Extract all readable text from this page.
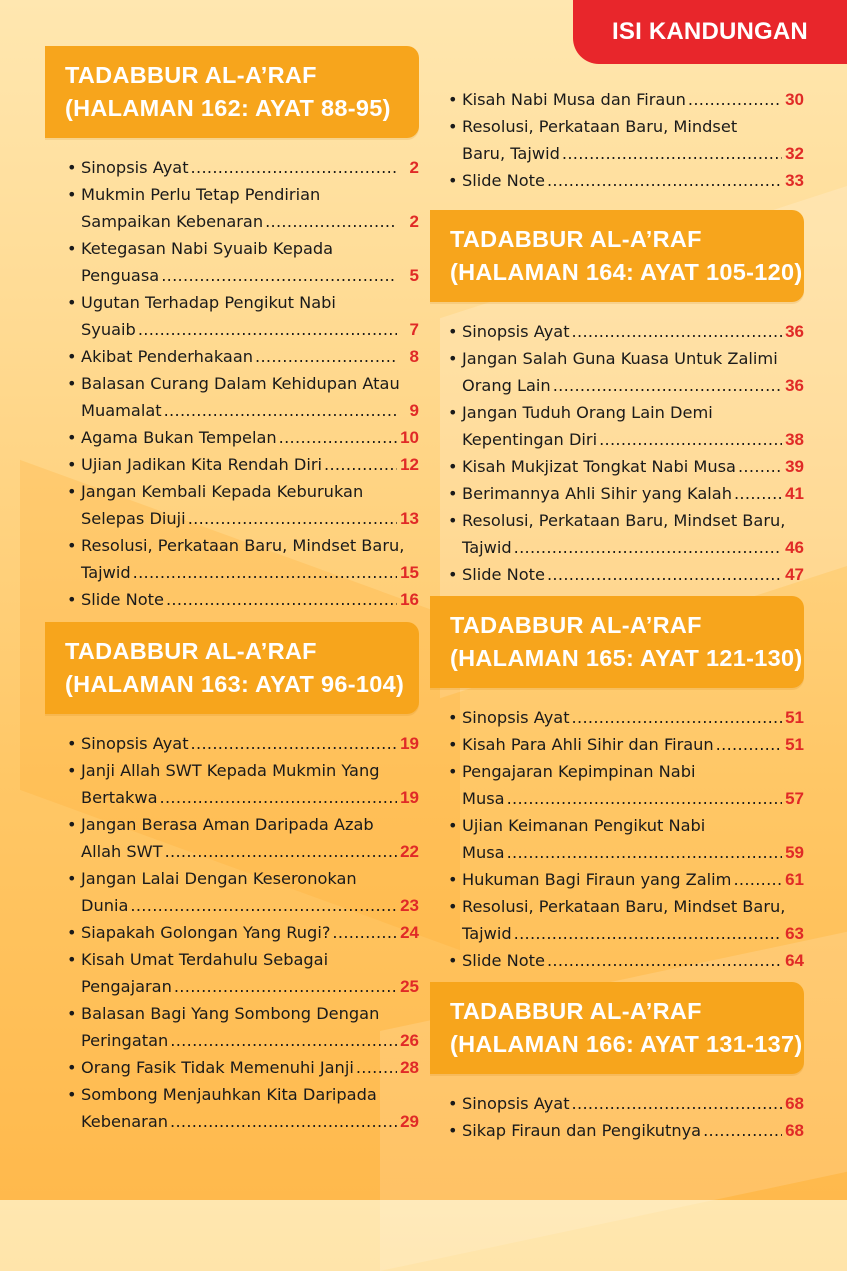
ISI KANDUNGAN
TADABBUR AL-A’RAF
(HALAMAN 162: AYAT 88-95)
• Sinopsis Ayat .....	2
• Mukmin Perlu Tetap Pendirian
Sampaikan Kebenaran .....	2
• Ketegasan Nabi Syuaib Kepada
Penguasa .....	5
• Ugutan Terhadap Pengikut Nabi
Syuaib .....	7
• Akibat Penderhakaan .....	8
• Balasan Curang Dalam Kehidupan Atau
Muamalat .....	9
• Agama Bukan Tempelan .....	10
• Ujian Jadikan Kita Rendah Diri .....	12
• Jangan Kembali Kepada Keburukan
Selepas Diuji .....	13
• Resolusi, Perkataan Baru, Mindset Baru,
Tajwid .....	15
• Slide Note .....	16
TADABBUR AL-A’RAF
(HALAMAN 163: AYAT 96-104)
• Sinopsis Ayat .....	19
• Janji Allah SWT Kepada Mukmin Yang
Bertakwa .....	19
• Jangan Berasa Aman Daripada Azab
Allah SWT .....	22
• Jangan Lalai Dengan Keseronokan
Dunia .....	23
• Siapakah Golongan Yang Rugi? .....	24
• Kisah Umat Terdahulu Sebagai
Pengajaran .....	25
• Balasan Bagi Yang Sombong Dengan
Peringatan .....	26
• Orang Fasik Tidak Memenuhi Janji .....	28
• Sombong Menjauhkan Kita Daripada
Kebenaran .....	29
• Kisah Nabi Musa dan Firaun .....	30
• Resolusi, Perkataan Baru, Mindset
Baru, Tajwid .....	32
• Slide Note .....	33
TADABBUR AL-A’RAF
(HALAMAN 164: AYAT 105-120)
• Sinopsis Ayat .....	36
• Jangan Salah Guna Kuasa Untuk Zalimi
Orang Lain .....	36
• Jangan Tuduh Orang Lain Demi
Kepentingan Diri .....	38
• Kisah Mukjizat Tongkat Nabi Musa .....	39
• Berimannya Ahli Sihir yang Kalah .....	41
• Resolusi, Perkataan Baru, Mindset Baru,
Tajwid .....	46
• Slide Note .....	47
TADABBUR AL-A’RAF
(HALAMAN 165: AYAT 121-130)
• Sinopsis Ayat .....	51
• Kisah Para Ahli Sihir dan Firaun .....	51
• Pengajaran Kepimpinan Nabi
Musa .....	57
• Ujian Keimanan Pengikut Nabi
Musa .....	59
• Hukuman Bagi Firaun yang Zalim .....	61
• Resolusi, Perkataan Baru, Mindset Baru,
Tajwid .....	63
• Slide Note .....	64
TADABBUR AL-A’RAF
(HALAMAN 166: AYAT 131-137)
• Sinopsis Ayat .....	68
• Sikap Firaun dan Pengikutnya .....	68
